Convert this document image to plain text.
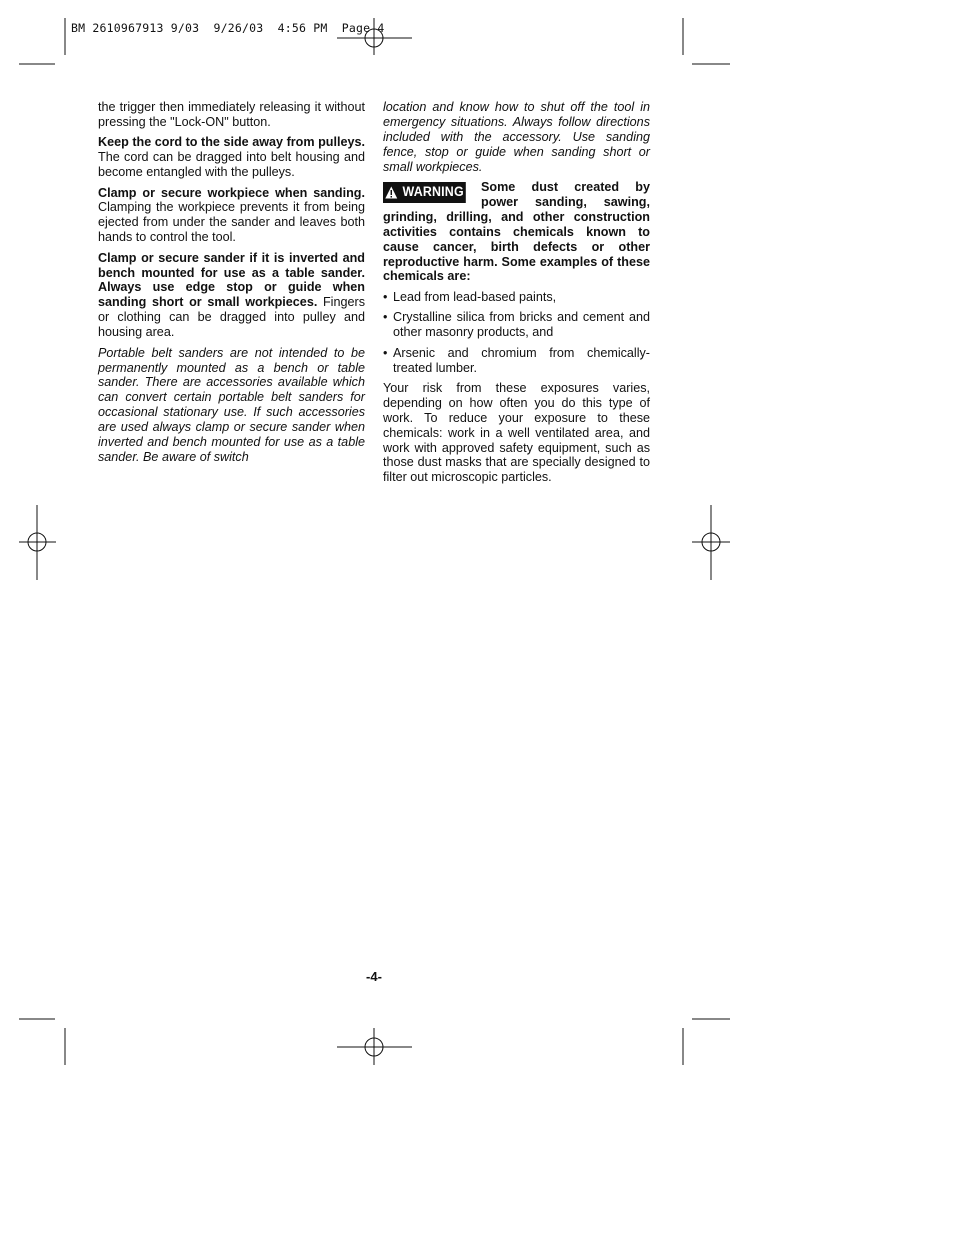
BM 2610967913 9/03  9/26/03  4:56 PM  Page 4

the trigger then immediately releasing it without pressing the "Lock-ON" button.

Keep the cord to the side away from pulleys. The cord can be dragged into belt housing and become entangled with the pulleys.

Clamp or secure workpiece when sanding. Clamping the workpiece prevents it from being ejected from under the sander and leaves both hands to control the tool.

Clamp or secure sander if it is inverted and bench mounted for use as a table sander. Always use edge stop or guide when sanding short or small workpieces. Fingers or clothing can be dragged into pulley and housing area.

Portable belt sanders are not intended to be permanently mounted as a bench or table sander. There are accessories available which can convert certain portable belt sanders for occasional stationary use. If such accessories are used always clamp or secure sander when inverted and bench mounted for use as a table sander. Be aware of switch

location and know how to shut off the tool in emergency situations. Always follow directions included with the accessory. Use sanding fence, stop or guide when sanding short or small workpieces.

WARNING Some dust created by power sanding, sawing, grinding, drilling, and other construction activities contains chemicals known to cause cancer, birth defects or other reproductive harm. Some examples of these chemicals are:
• Lead from lead-based paints,
• Crystalline silica from bricks and cement and other masonry products, and
• Arsenic and chromium from chemically-treated lumber.

Your risk from these exposures varies, depending on how often you do this type of work. To reduce your exposure to these chemicals: work in a well ventilated area, and work with approved safety equipment, such as those dust masks that are specially designed to filter out microscopic particles.

-4-
